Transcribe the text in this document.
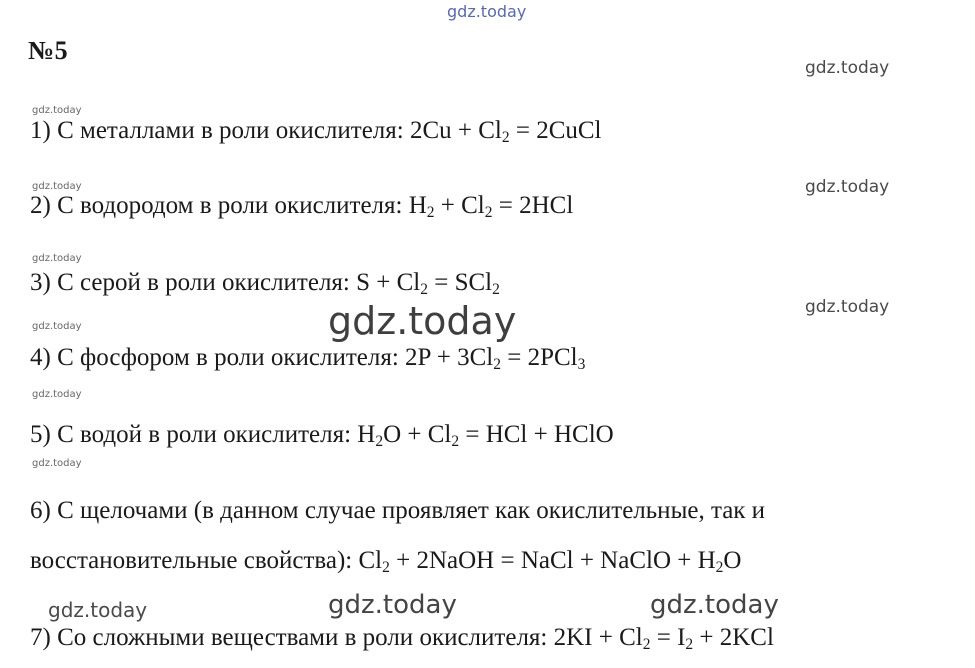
gdz.today
gdz.today
gdz.today
gdz.today
gdz.today
gdz.today
gdz.today
gdz.today
gdz.today
gdz.today
gdz.today
gdz.today	gdz.today	gdz.today
№5
1) С металлами в роли окислителя: $2Cu + Cl_2$ = 2CuCl
2) С водородом в роли окислителя: $H_2 + Cl_2 = 2HCl$
3) С серой в роли окислителя: $S + Cl_2 = SCl_2$
4) С фосфором в роли окислителя: $2P + 3Cl_2 = 2PCl_3$
5) С водой в роли окислителя: $H_2O + Cl_2$ = HCl + HClO
6) С щелочами (в данном случае проявляет как окислительные, так и
восстановительные свойства): $Cl_2$ + 2NaOH = NaCl + NaClO + $H_2O$
7) Со сложными веществами в роли окислителя: $2KI + Cl_2 = I_2 + 2KCl$
